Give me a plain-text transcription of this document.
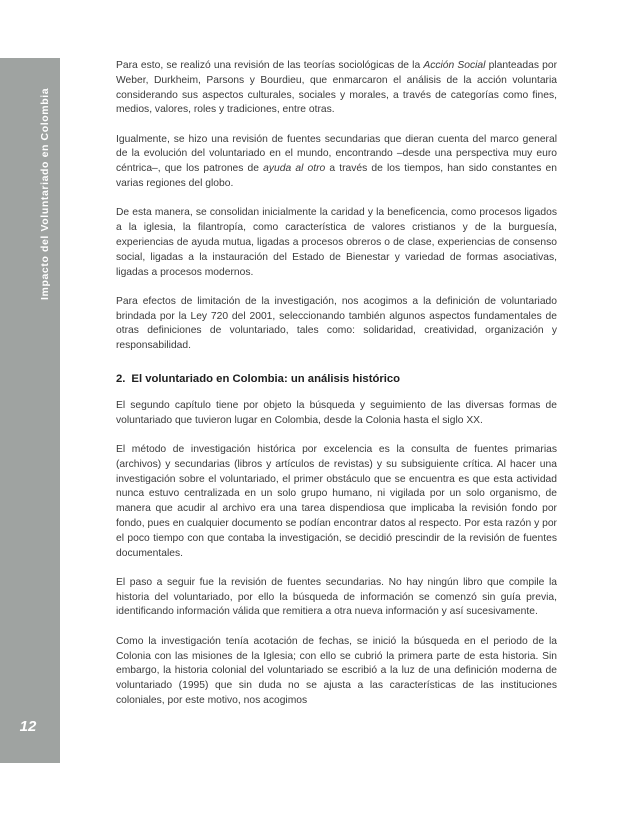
Impacto del Voluntariado en Colombia
12

Para esto, se realizó una revisión de las teorías sociológicas de la Acción Social planteadas por Weber, Durkheim, Parsons y Bourdieu, que enmarcaron el análisis de la acción voluntaria considerando sus aspectos culturales, sociales y morales, a través de categorías como fines, medios, valores, roles y tradiciones, entre otras.

Igualmente, se hizo una revisión de fuentes secundarias que dieran cuenta del marco general de la evolución del voluntariado en el mundo, encontrando –desde una perspectiva muy euro céntrica–, que los patrones de ayuda al otro a través de los tiempos, han sido constantes en varias regiones del globo.

De esta manera, se consolidan inicialmente la caridad y la beneficencia, como procesos ligados a la iglesia, la filantropía, como característica de valores cristianos y de la burguesía, experiencias de ayuda mutua, ligadas a procesos obreros o de clase, experiencias de consenso social, ligadas a la instauración del Estado de Bienestar y variedad de formas asociativas, ligadas a procesos modernos.

Para efectos de limitación de la investigación, nos acogimos a la definición de voluntariado brindada por la Ley 720 del 2001, seleccionando también algunos aspectos fundamentales de otras definiciones de voluntariado, tales como: solidaridad, creatividad, organización y responsabilidad.

2. El voluntariado en Colombia: un análisis histórico

El segundo capítulo tiene por objeto la búsqueda y seguimiento de las diversas formas de voluntariado que tuvieron lugar en Colombia, desde la Colonia hasta el siglo XX.

El método de investigación histórica por excelencia es la consulta de fuentes primarias (archivos) y secundarias (libros y artículos de revistas) y su subsiguiente crítica. Al hacer una investigación sobre el voluntariado, el primer obstáculo que se encuentra es que esta actividad nunca estuvo centralizada en un solo grupo humano, ni vigilada por un solo organismo, de manera que acudir al archivo era una tarea dispendiosa que implicaba la revisión fondo por fondo, pues en cualquier documento se podían encontrar datos al respecto. Por esta razón y por el poco tiempo con que contaba la investigación, se decidió prescindir de la revisión de fuentes documentales.

El paso a seguir fue la revisión de fuentes secundarias. No hay ningún libro que compile la historia del voluntariado, por ello la búsqueda de información se comenzó sin guía previa, identificando información válida que remitiera a otra nueva información y así sucesivamente.

Como la investigación tenía acotación de fechas, se inició la búsqueda en el periodo de la Colonia con las misiones de la Iglesia; con ello se cubrió la primera parte de esta historia. Sin embargo, la historia colonial del voluntariado se escribió a la luz de una definición moderna de voluntariado (1995) que sin duda no se ajusta a las características de las instituciones coloniales, por este motivo, nos acogimos
